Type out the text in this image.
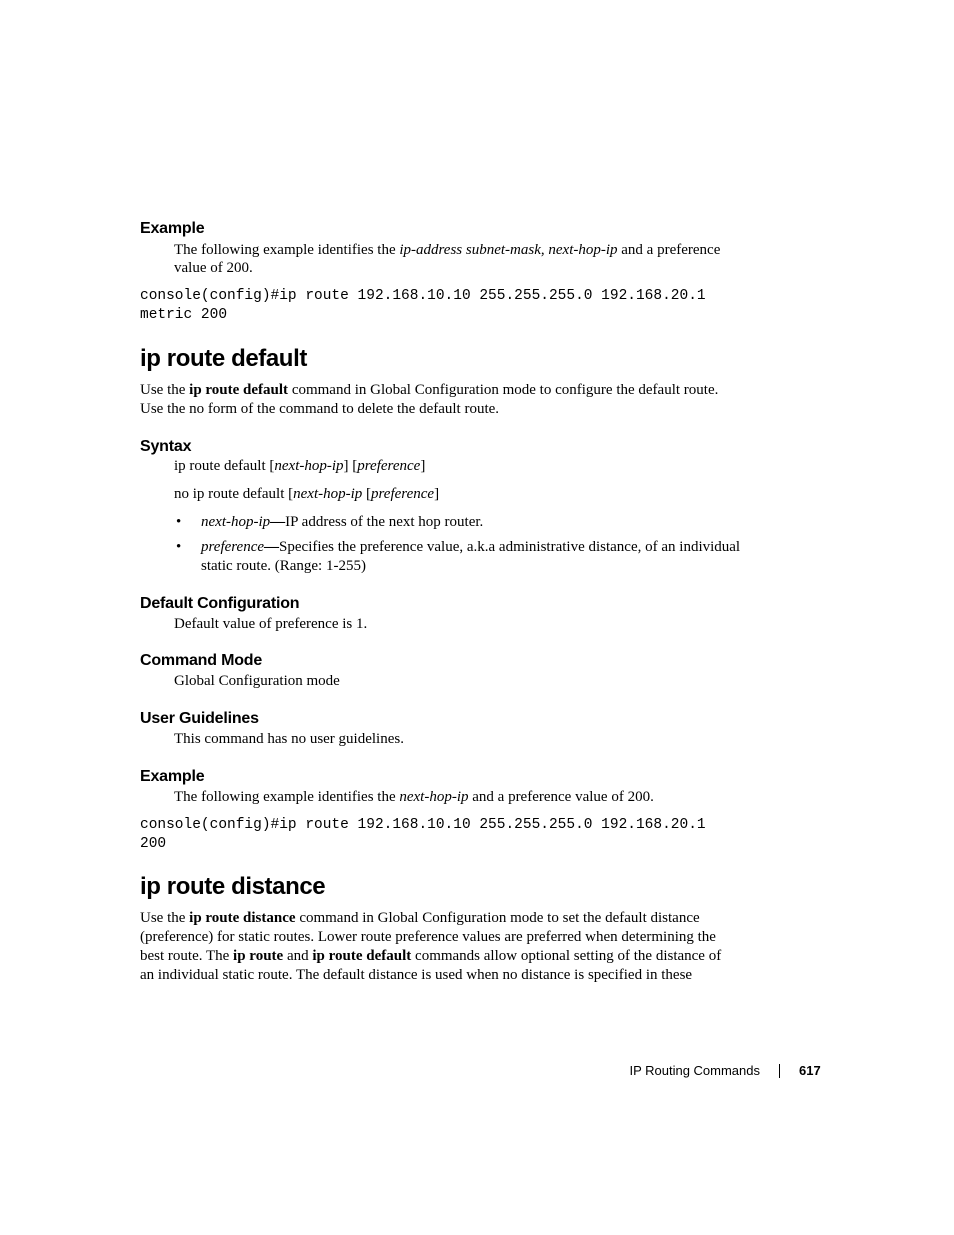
Example
The following example identifies the ip-address subnet-mask, next-hop-ip and a preference
value of 200.
console(config)#ip route 192.168.10.10 255.255.255.0 192.168.20.1
metric 200
ip route default
Use the ip route default command in Global Configuration mode to configure the default route.
Use the no form of the command to delete the default route.
Syntax
ip route default [next-hop-ip] [preference]
no ip route default [next-hop-ip [preference]
• next-hop-ip—IP address of the next hop router.
• preference—Specifies the preference value, a.k.a administrative distance, of an individual
static route. (Range: 1-255)
Default Configuration
Default value of preference is 1.
Command Mode
Global Configuration mode
User Guidelines
This command has no user guidelines.
Example
The following example identifies the next-hop-ip and a preference value of 200.
console(config)#ip route 192.168.10.10 255.255.255.0 192.168.20.1
200
ip route distance
Use the ip route distance command in Global Configuration mode to set the default distance
(preference) for static routes. Lower route preference values are preferred when determining the
best route. The ip route and ip route default commands allow optional setting of the distance of
an individual static route. The default distance is used when no distance is specified in these
IP Routing Commands	617
